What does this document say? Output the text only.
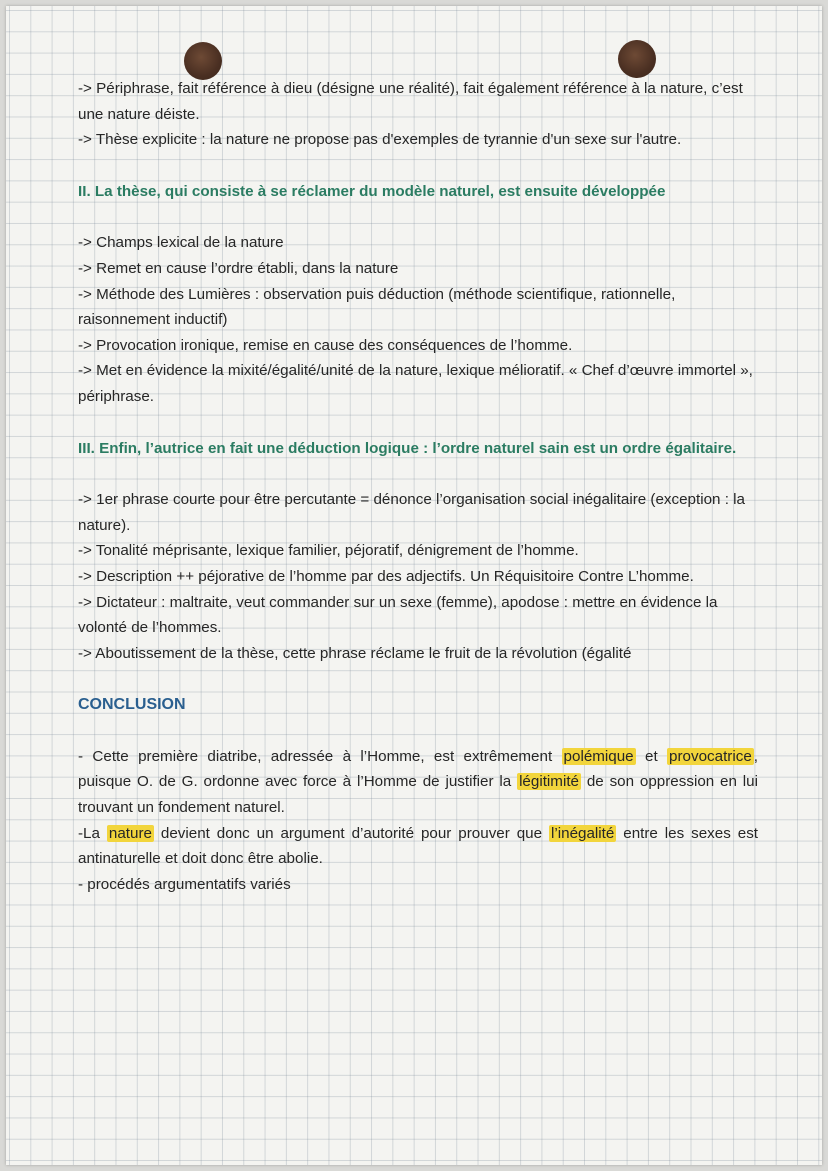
-> Périphrase, fait référence à dieu (désigne une réalité), fait également référence à la nature, c’est une nature déiste.

-> Thèse explicite : la nature ne propose pas d'exemples de tyrannie d'un sexe sur l'autre.

II. La thèse, qui consiste à se réclamer du modèle naturel, est ensuite développée

-> Champs lexical de la nature

-> Remet en cause l’ordre établi, dans la nature

-> Méthode des Lumières : observation puis déduction (méthode scientifique, rationnelle, raisonnement inductif)

-> Provocation ironique, remise en cause des conséquences de l’homme.

-> Met en évidence la mixité/égalité/unité de la nature, lexique mélioratif. « Chef d’œuvre immortel », périphrase.

III. Enfin, l’autrice en fait une déduction logique : l’ordre naturel sain est un ordre égalitaire.

-> 1er phrase courte pour être percutante = dénonce l’organisation social inégalitaire (exception : la nature).

-> Tonalité méprisante, lexique familier, péjoratif, dénigrement de l’homme.

-> Description ++ péjorative de l’homme par des adjectifs. Un Réquisitoire Contre L’homme.

-> Dictateur : maltraite, veut commander sur un sexe (femme), apodose : mettre en évidence la volonté de l’hommes.

-> Aboutissement de la thèse, cette phrase réclame le fruit de la révolution (égalité

CONCLUSION

- Cette première diatribe, adressée à l’Homme, est extrêmement polémique et provocatrice , puisque O. de G. ordonne avec force à l’Homme de justifier la légitimité de son oppression en lui trouvant un fondement naturel.

-La nature devient donc un argument d’autorité pour prouver que l’inégalité entre les sexes est antinaturelle et doit donc être abolie.

- procédés argumentatifs variés
